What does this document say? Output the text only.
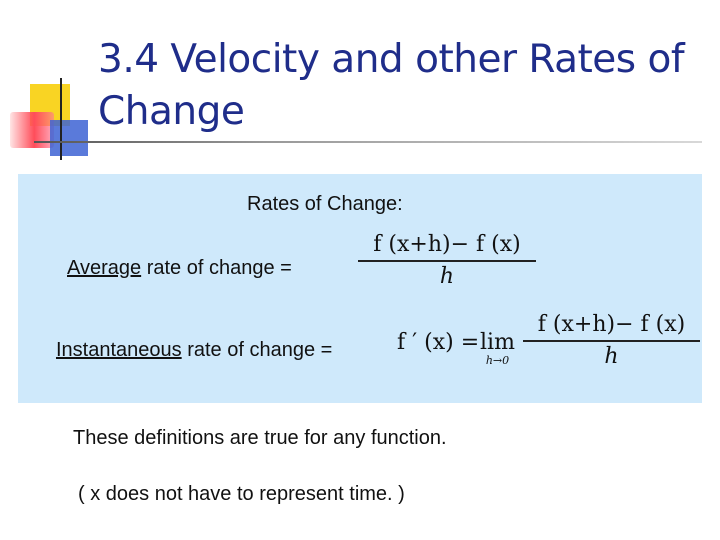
3.4 Velocity and other Rates of Change
Rates of Change:
Average rate of change =
f (x+h)− f (x)
h
Instantaneous rate of change =	f ′ (x) = lim
h→0
f (x+h)− f (x)
h
These definitions are true for any function.
( x does not have to represent time. )
